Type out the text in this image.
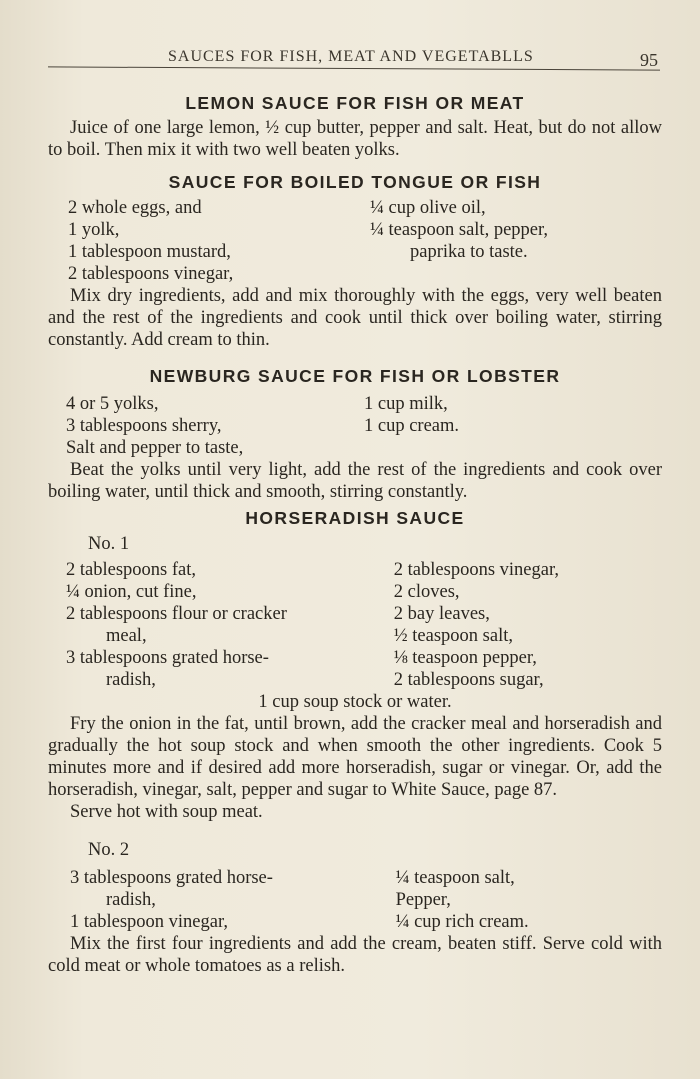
SAUCES FOR FISH, MEAT AND VEGETABLLS	95
LEMON SAUCE FOR FISH OR MEAT

Juice of one large lemon, ½ cup butter, pepper and salt. Heat, but do not allow to boil. Then mix it with two well beaten yolks.

SAUCE FOR BOILED TONGUE OR FISH
2 whole eggs, and
1 yolk,
1 tablespoon mustard,
2 tablespoons vinegar,
¼ cup olive oil,
¼ teaspoon salt, pepper,
paprika to taste.

Mix dry ingredients, add and mix thoroughly with the eggs, very well beaten and the rest of the ingredients and cook until thick over boiling water, stirring constantly. Add cream to thin.

NEWBURG SAUCE FOR FISH OR LOBSTER
4 or 5 yolks,
3 tablespoons sherry,
1 cup milk,
1 cup cream.
Salt and pepper to taste,

Beat the yolks until very light, add the rest of the ingredients and cook over boiling water, until thick and smooth, stirring constantly.

HORSERADISH SAUCE

No. 1

2 tablespoons fat,
¼ onion, cut fine,
2 tablespoons flour or cracker
meal,
3 tablespoons grated horse-
radish,
2 tablespoons vinegar,
2 cloves,
2 bay leaves,
½ teaspoon salt,
⅛ teaspoon pepper,
2 tablespoons sugar,
1 cup soup stock or water.

Fry the onion in the fat, until brown, add the cracker meal and horseradish and gradually the hot soup stock and when smooth the other ingredients. Cook 5 minutes more and if desired add more horseradish, sugar or vinegar. Or, add the horseradish, vinegar, salt, pepper and sugar to White Sauce, page 87.

Serve hot with soup meat.

No. 2

3 tablespoons grated horse-
radish,
1 tablespoon vinegar,
¼ teaspoon salt,
Pepper,
¼ cup rich cream.

Mix the first four ingredients and add the cream, beaten stiff. Serve cold with cold meat or whole tomatoes as a relish.
